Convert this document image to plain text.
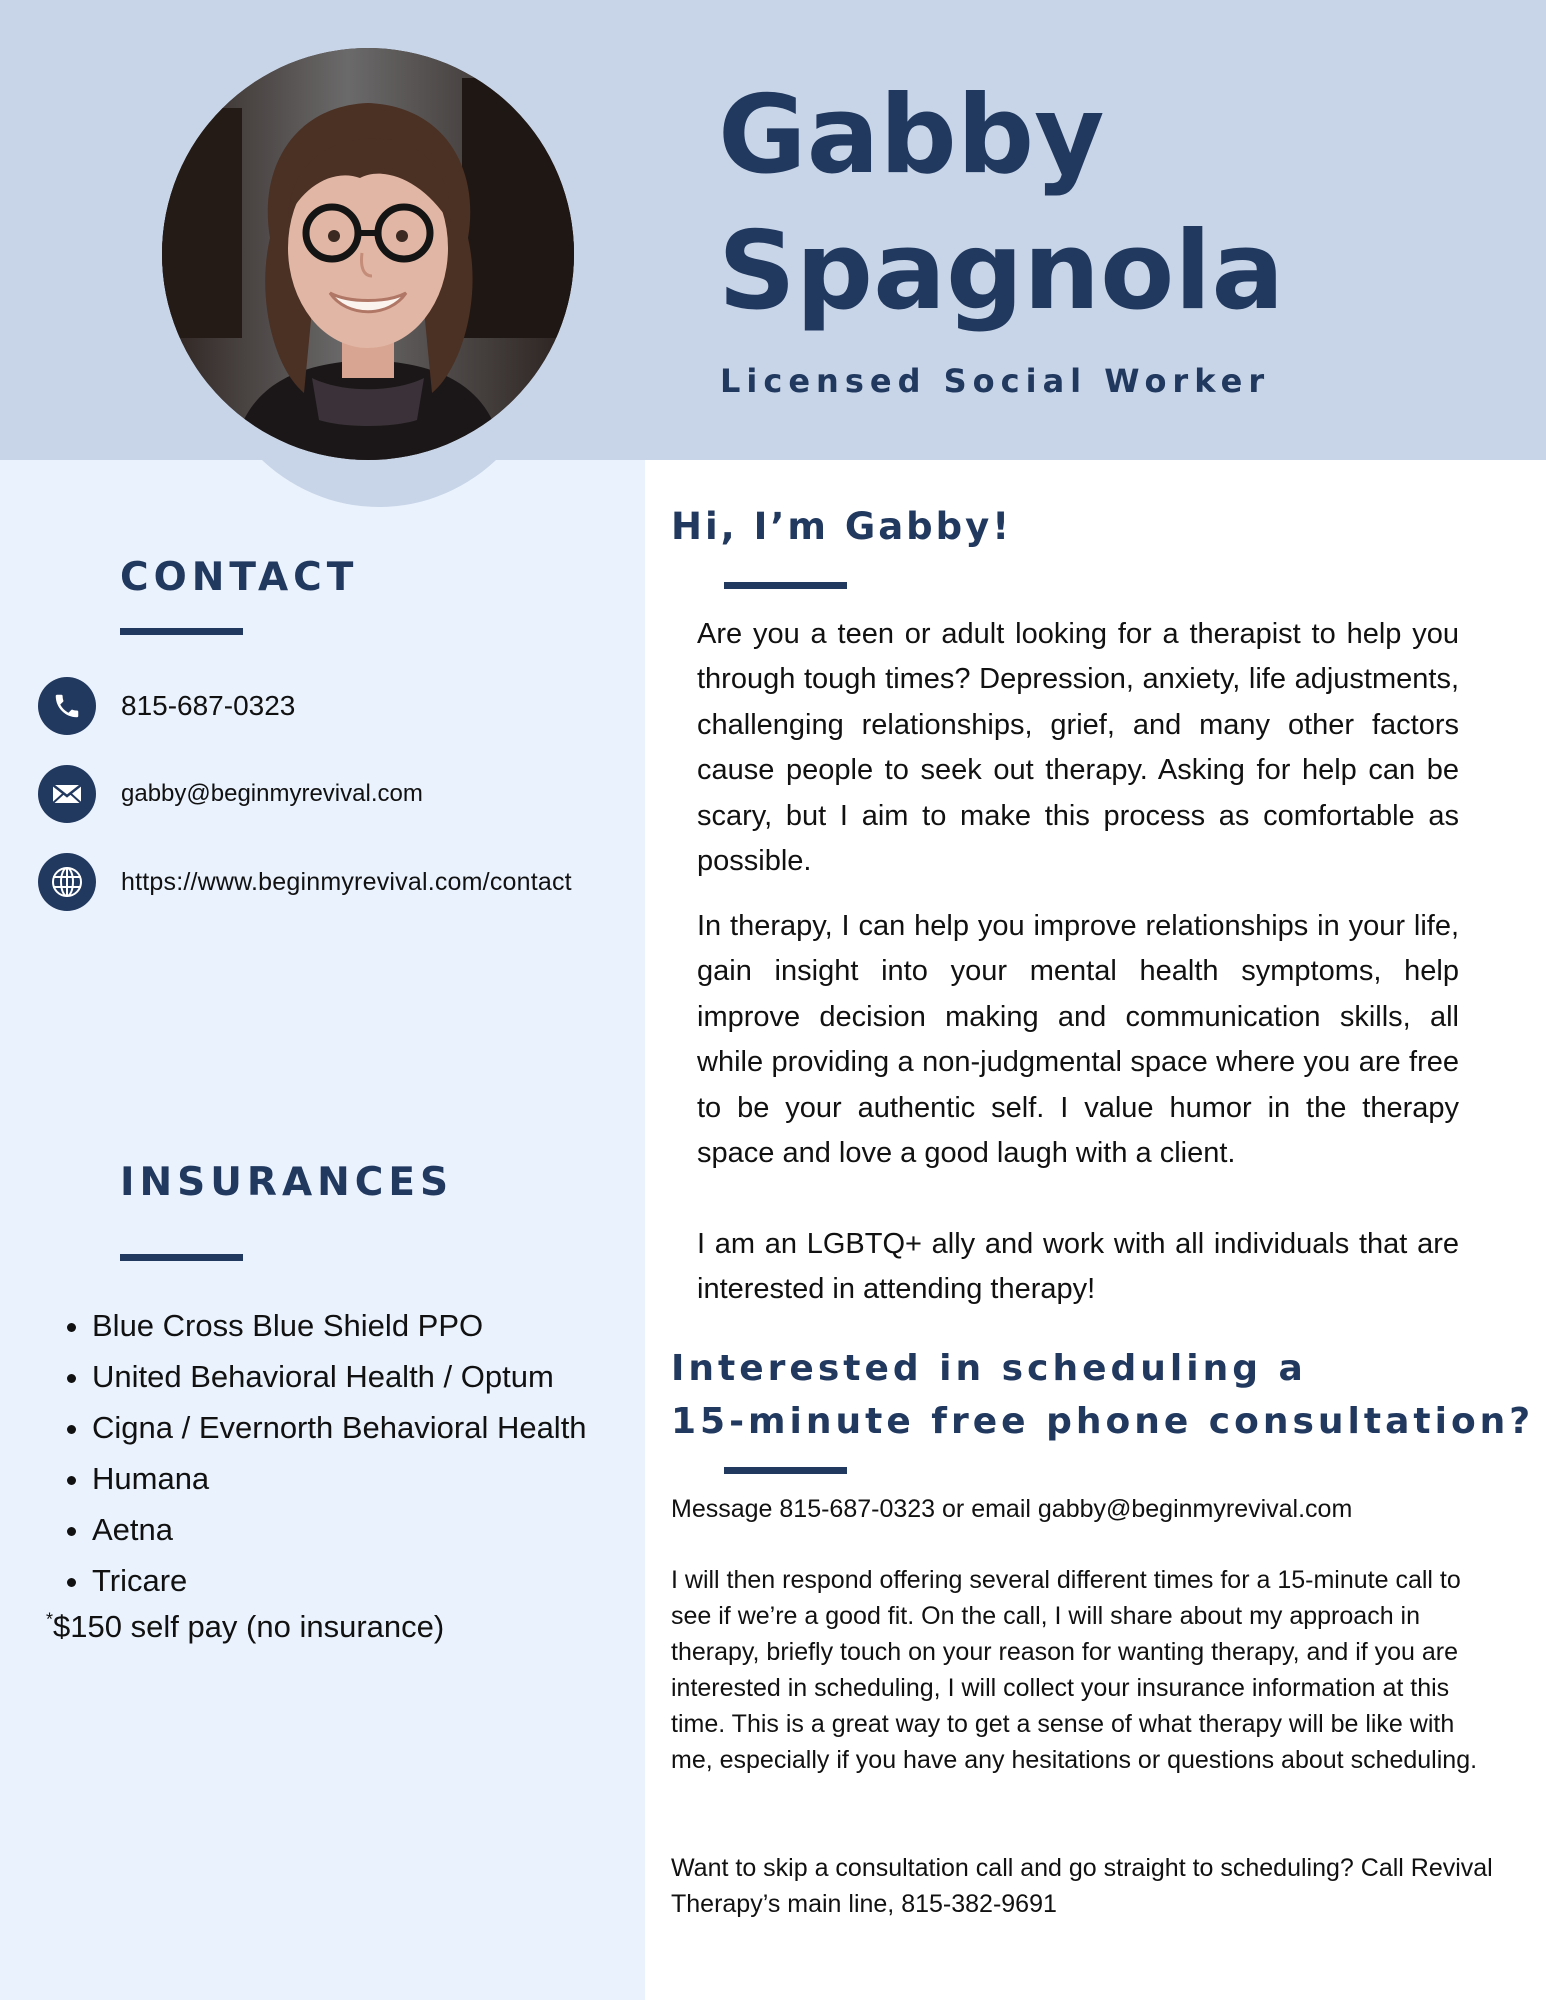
Gabby
Spagnola
Licensed Social Worker
CONTACT
815-687-0323
gabby@beginmyrevival.com
https://www.beginmyrevival.com/contact
INSURANCES
• Blue Cross Blue Shield PPO
• United Behavioral Health / Optum
• Cigna / Evernorth Behavioral Health
• Humana
• Aetna
• Tricare
*$150 self pay (no insurance)
Hi, I’m Gabby!

Are you a teen or adult looking for a therapist to help you through tough times? Depression, anxiety, life adjustments, challenging relationships, grief, and many other factors cause people to seek out therapy. Asking for help can be scary, but I aim to make this process as comfortable as possible.

In therapy, I can help you improve relationships in your life, gain insight into your mental health symptoms, help improve decision making and communication skills, all while providing a non-judgmental space where you are free to be your authentic self. I value humor in the therapy space and love a good laugh with a client.

I am an LGBTQ+ ally and work with all individuals that are interested in attending therapy!

Interested in scheduling a
15-minute free phone consultation?

Message 815-687-0323 or email gabby@beginmyrevival.com

I will then respond offering several different times for a 15-minute call to see if we’re a good fit. On the call, I will share about my approach in therapy, briefly touch on your reason for wanting therapy, and if you are interested in scheduling, I will collect your insurance information at this time. This is a great way to get a sense of what therapy will be like with me, especially if you have any hesitations or questions about scheduling.

Want to skip a consultation call and go straight to scheduling? Call Revival Therapy’s main line, 815-382-9691
